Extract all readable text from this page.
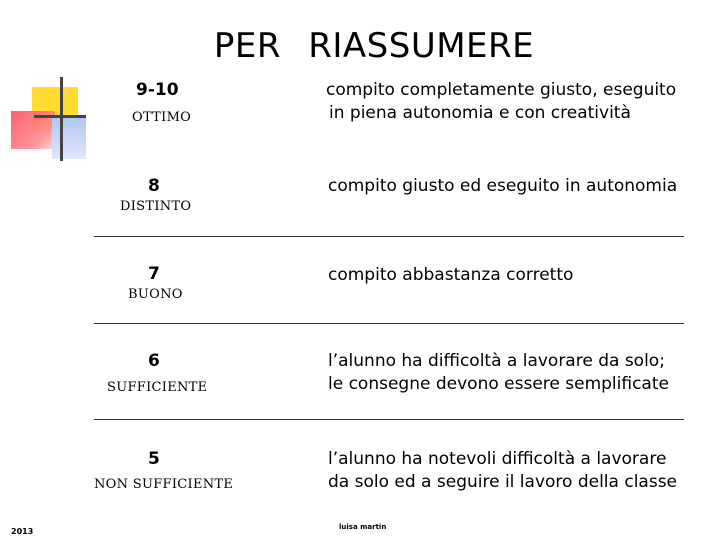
PER RIASSUMERE
9-10
OTTIMO
compito completamente giusto, eseguito
in piena autonomia e con creatività
8
DISTINTO
compito giusto ed eseguito in autonomia
7
BUONO
compito abbastanza corretto
6
SUFFICIENTE
l’alunno ha difficoltà a lavorare da solo;
le consegne devono essere semplificate
5
NON SUFFICIENTE
l’alunno ha notevoli difficoltà a lavorare
da solo ed a seguire il lavoro della classe
2013	luisa martin
